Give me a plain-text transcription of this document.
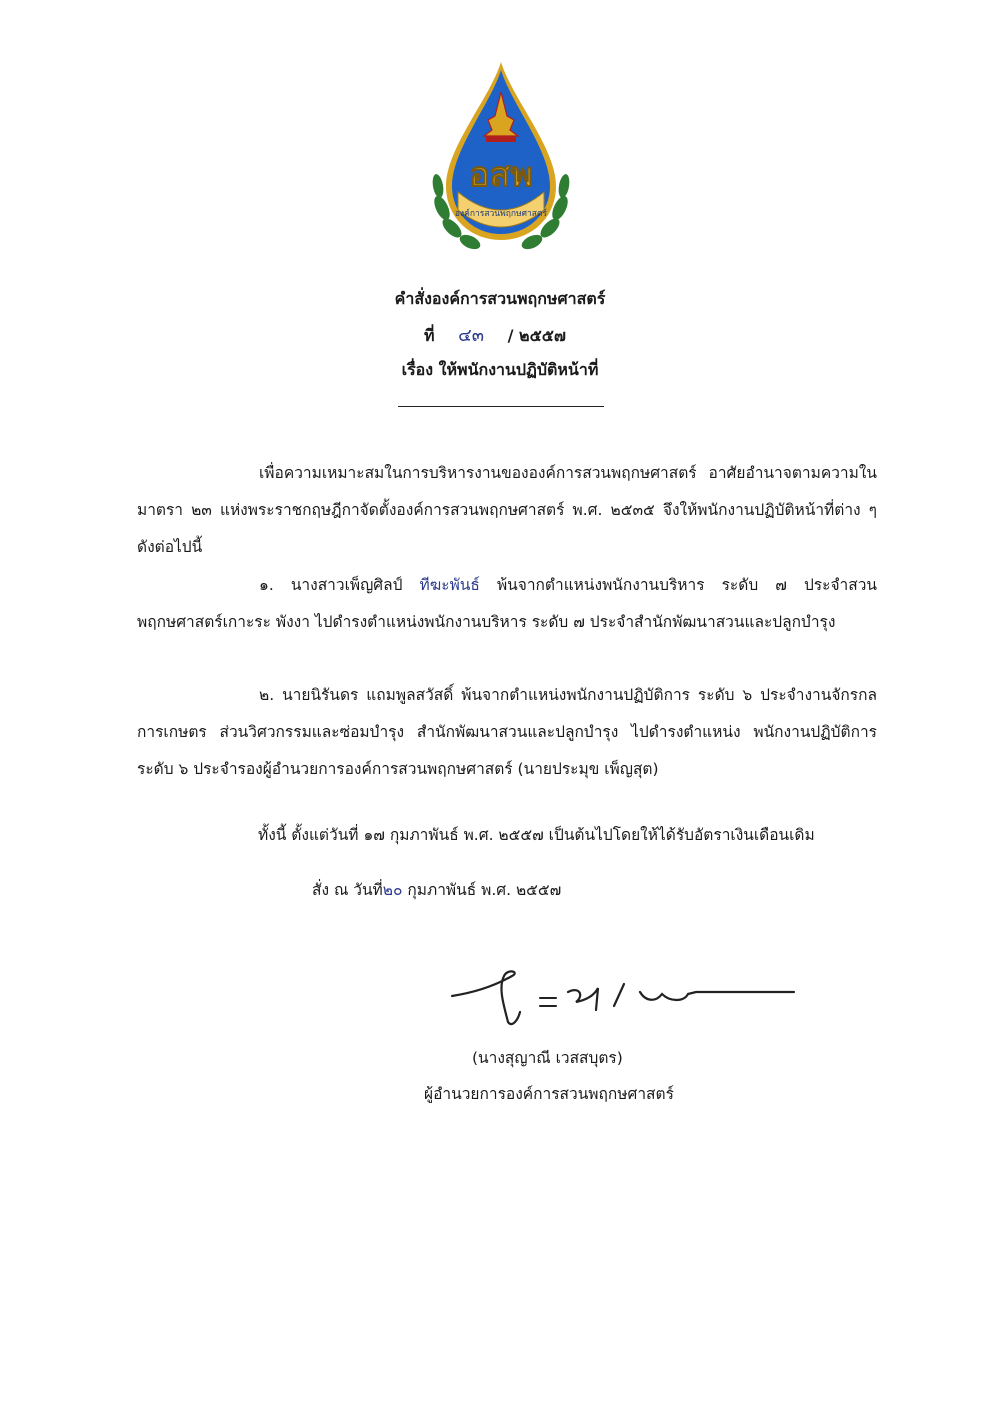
อสพ
องค์การสวนพฤกษศาสตร์
คำสั่งองค์การสวนพฤกษศาสตร์
ที่ ๔๓ / ๒๕๕๗
เรื่อง ให้พนักงานปฏิบัติหน้าที่
เพื่อความเหมาะสมในการบริหารงานขององค์การสวนพฤกษศาสตร์ อาศัยอำนาจตามความในมาตรา ๒๓ แห่งพระราชกฤษฎีกาจัดตั้งองค์การสวนพฤกษศาสตร์ พ.ศ. ๒๕๓๕ จึงให้พนักงานปฏิบัติหน้าที่ต่าง ๆ ดังต่อไปนี้
๑. นางสาวเพ็ญศิลป์ ทีฆะพันธ์ พ้นจากตำแหน่งพนักงานบริหาร ระดับ ๗ ประจำสวนพฤกษศาสตร์เกาะระ พังงา ไปดำรงตำแหน่งพนักงานบริหาร ระดับ ๗ ประจำสำนักพัฒนาสวนและปลูกบำรุง
๒. นายนิรันดร แถมพูลสวัสดิ์ พ้นจากตำแหน่งพนักงานปฏิบัติการ ระดับ ๖ ประจำงานจักรกลการเกษตร ส่วนวิศวกรรมและซ่อมบำรุง สำนักพัฒนาสวนและปลูกบำรุง ไปดำรงตำแหน่ง พนักงานปฏิบัติการ ระดับ ๖ ประจำรองผู้อำนวยการองค์การสวนพฤกษศาสตร์ (นายประมุข เพ็ญสุต)
ทั้งนี้ ตั้งแต่วันที่ ๑๗ กุมภาพันธ์ พ.ศ. ๒๕๕๗ เป็นต้นไปโดยให้ได้รับอัตราเงินเดือนเดิม
สั่ง ณ วันที่๒๐ กุมภาพันธ์ พ.ศ. ๒๕๕๗
(นางสุญาณี เวสสบุตร)
ผู้อำนวยการองค์การสวนพฤกษศาสตร์
